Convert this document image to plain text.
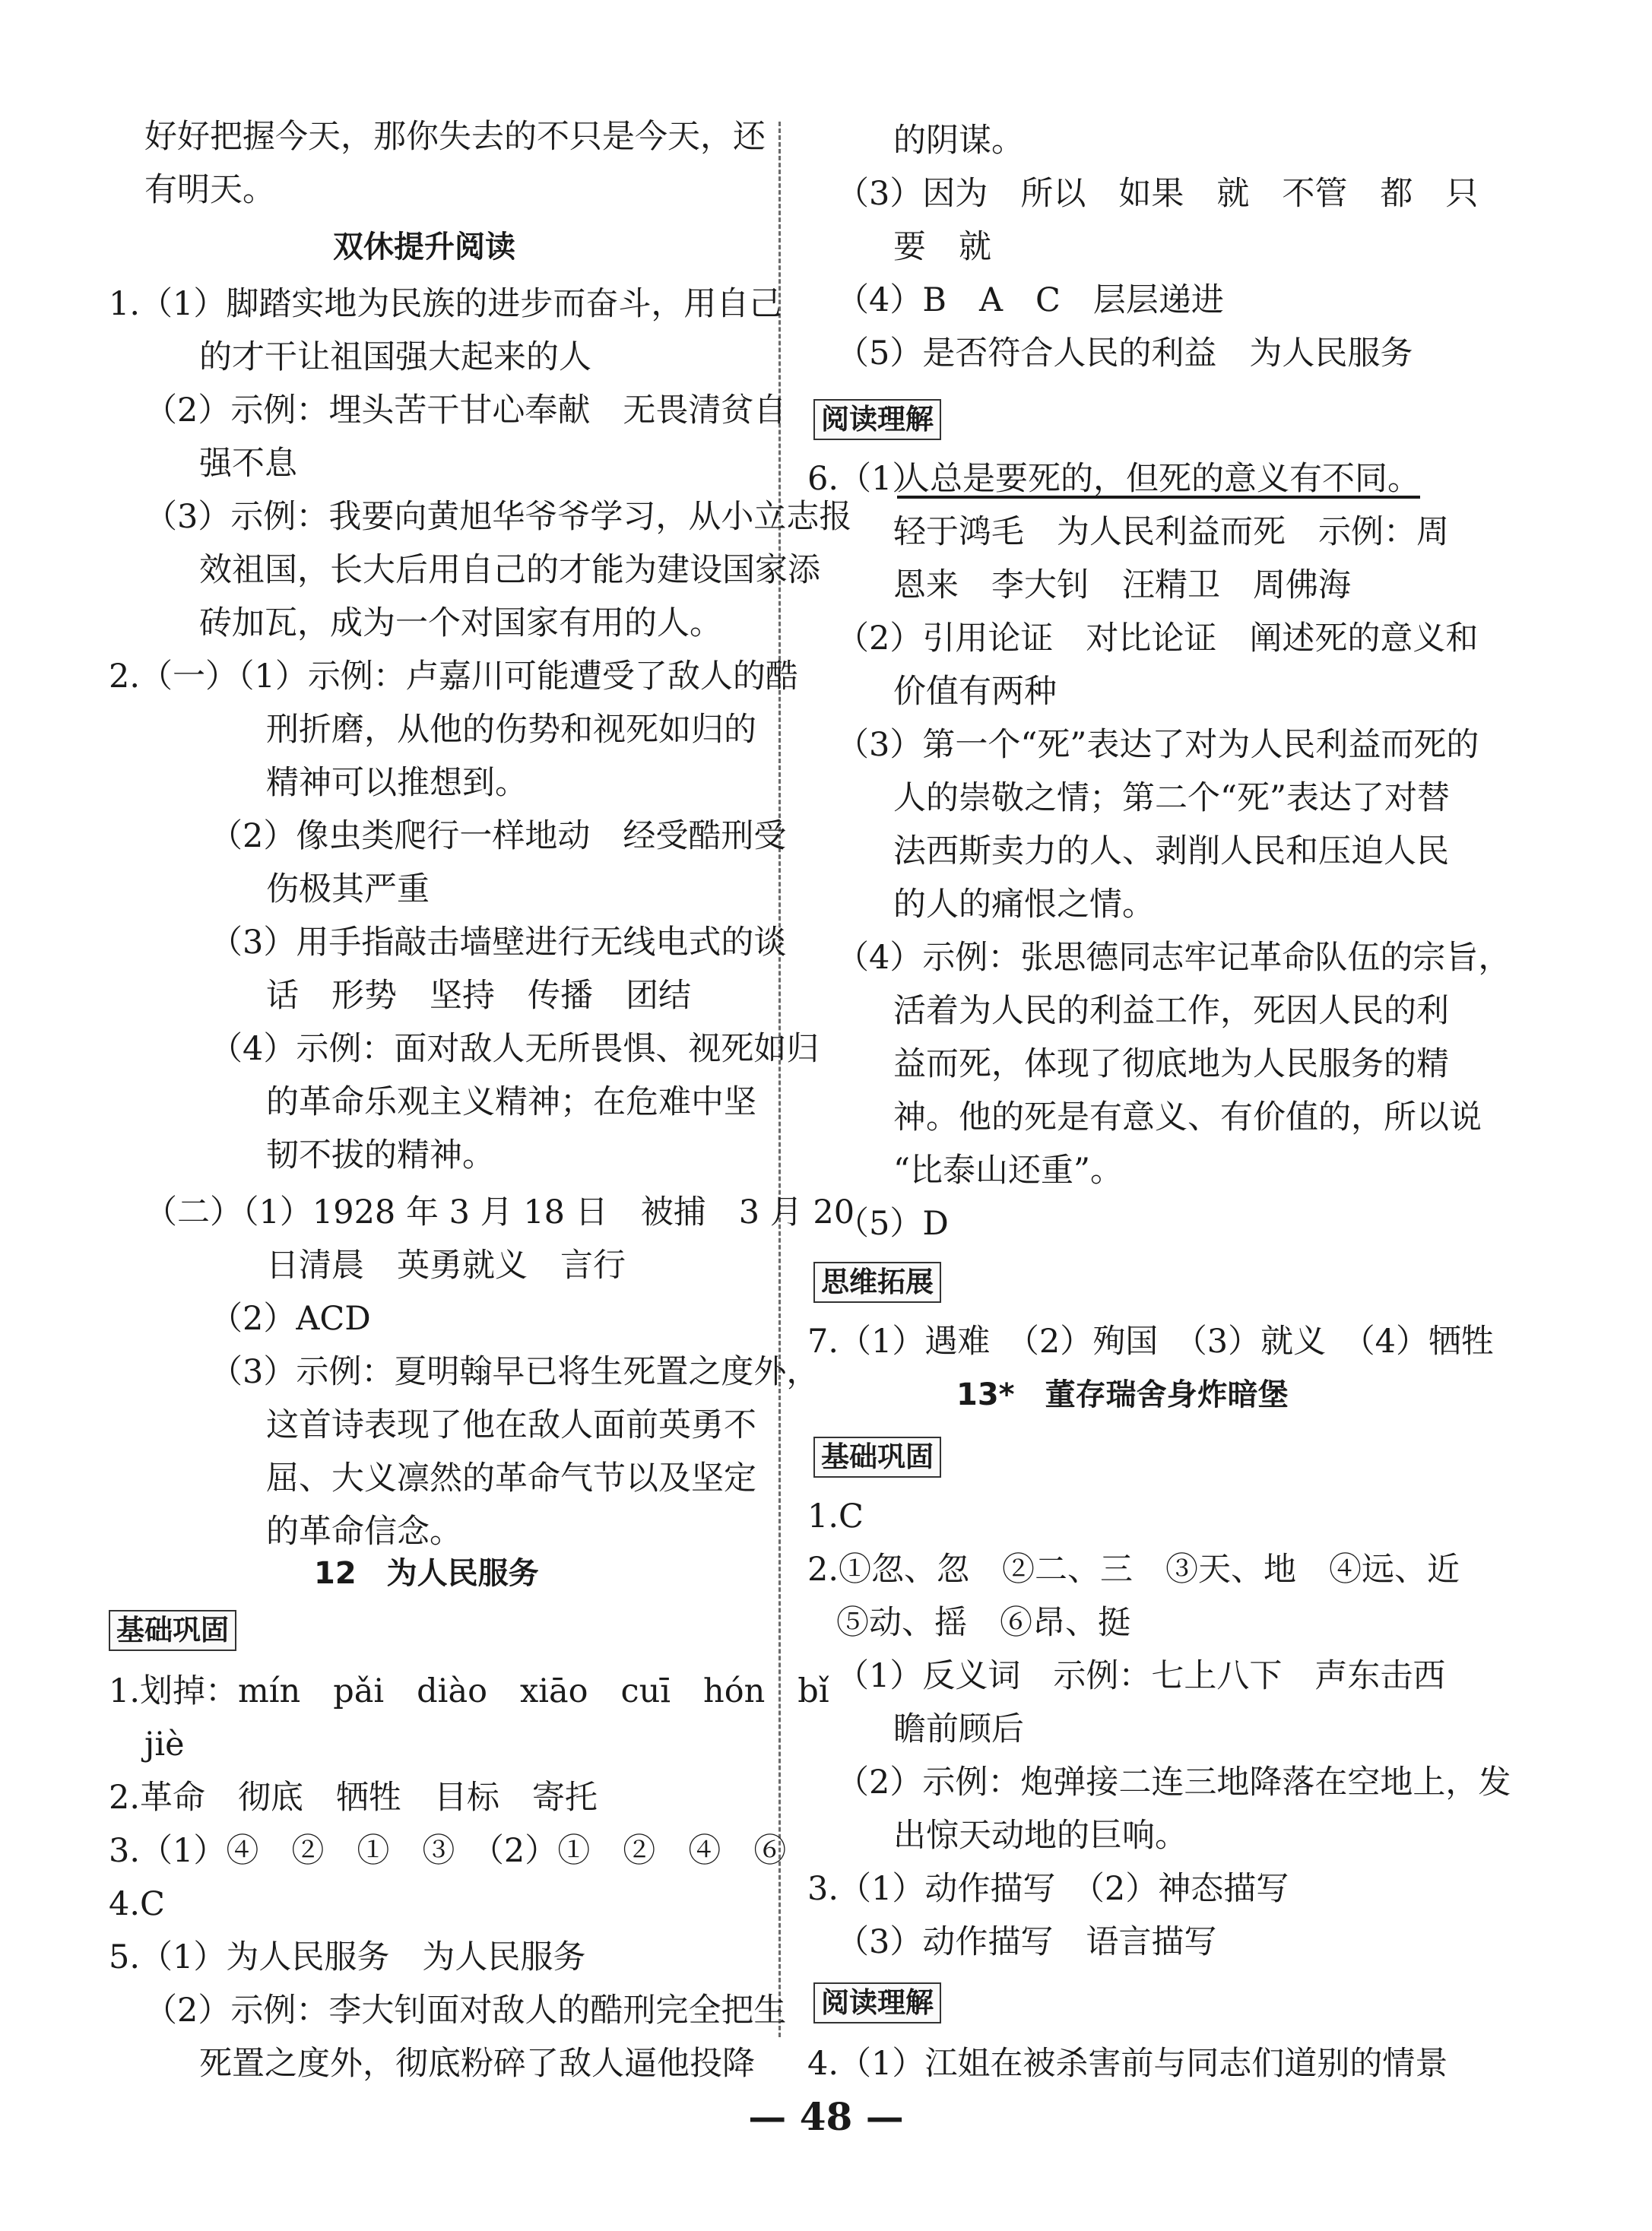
好好把握今天，那你失去的不只是今天，还
有明天。
双休提升阅读
1.（1）脚踏实地为民族的进步而奋斗，用自己
的才干让祖国强大起来的人
（2）示例：埋头苦干甘心奉献　无畏清贫自
强不息
（3）示例：我要向黄旭华爷爷学习，从小立志报
效祖国，长大后用自己的才能为建设国家添
砖加瓦，成为一个对国家有用的人。
2.（一）（1）示例：卢嘉川可能遭受了敌人的酷
刑折磨，从他的伤势和视死如归的
精神可以推想到。
（2）像虫类爬行一样地动　经受酷刑受
伤极其严重
（3）用手指敲击墙壁进行无线电式的谈
话　形势　坚持　传播　团结
（4）示例：面对敌人无所畏惧、视死如归
的革命乐观主义精神；在危难中坚
韧不拔的精神。
（二）（1）1928 年 3 月 18 日　被捕　3 月 20
日清晨　英勇就义　言行
（2）ACD
（3）示例：夏明翰早已将生死置之度外，
这首诗表现了他在敌人面前英勇不
屈、大义凛然的革命气节以及坚定
的革命信念。
12　为人民服务
基础巩固
1.划掉：mín　pǎi　diào　xiāo　cuī　hón　bǐ
jiè
2.革命　彻底　牺牲　目标　寄托
3.（1）④　②　①　③　（2）①　②　④　⑥
4.C
5.（1）为人民服务　为人民服务
（2）示例：李大钊面对敌人的酷刑完全把生
死置之度外，彻底粉碎了敌人逼他投降
的阴谋。
（3）因为　所以　如果　就　不管　都　只
要　就
（4）B　A　C　层层递进
（5）是否符合人民的利益　为人民服务
阅读理解
6.（1）
人总是要死的，但死的意义有不同。
轻于鸿毛　为人民利益而死　示例：周
恩来　李大钊　汪精卫　周佛海
（2）引用论证　对比论证　阐述死的意义和
价值有两种
（3）第一个“死”表达了对为人民利益而死的
人的崇敬之情；第二个“死”表达了对替
法西斯卖力的人、剥削人民和压迫人民
的人的痛恨之情。
（4）示例：张思德同志牢记革命队伍的宗旨，
活着为人民的利益工作，死因人民的利
益而死，体现了彻底地为人民服务的精
神。他的死是有意义、有价值的，所以说
“比泰山还重”。
（5）D
思维拓展
7.（1）遇难　（2）殉国　（3）就义　（4）牺牲
13*　董存瑞舍身炸暗堡
基础巩固
1.C
2.①忽、忽　②二、三　③天、地　④远、近
⑤动、摇　⑥昂、挺
（1）反义词　示例：七上八下　声东击西
瞻前顾后
（2）示例：炮弹接二连三地降落在空地上，发
出惊天动地的巨响。
3.（1）动作描写　（2）神态描写
（3）动作描写　语言描写
阅读理解
4.（1）江姐在被杀害前与同志们道别的情景
— 48 —
